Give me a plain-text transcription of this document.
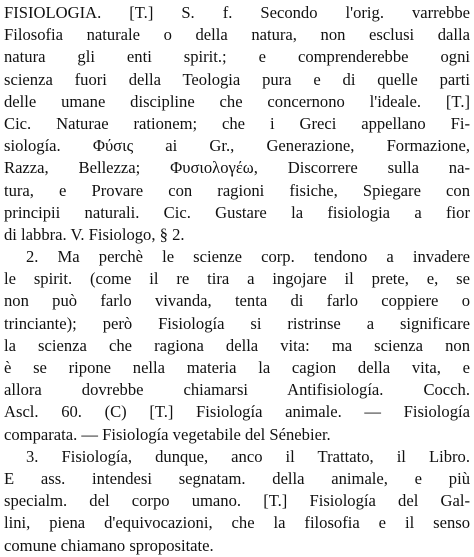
FISIOLOGIA. [T.] S. f. Secondo l'orig. varrebbe
Filosofia naturale o della natura, non esclusi dalla
natura gli enti spirit.; e comprenderebbe ogni
scienza fuori della Teologia pura e di quelle parti
delle umane discipline che concernono l'ideale. [T.]
Cic. Naturae rationem; che i Greci appellano Fi-
siología. Φύσις ai Gr., Generazione, Formazione,
Razza, Bellezza; Φυσιολογέω, Discorrere sulla na-
tura, e Provare con ragioni fisiche, Spiegare con
principii naturali. Cic. Gustare la fisiologia a fior
di labbra. V. Fisiologo, § 2.
2. Ma perchè le scienze corp. tendono a invadere
le spirit. (come il re tira a ingojare il prete, e, se
non può farlo vivanda, tenta di farlo coppiere o
trinciante); però Fisiología si ristrinse a significare
la scienza che ragiona della vita: ma scienza non
è se ripone nella materia la cagion della vita, e
allora dovrebbe chiamarsi Antifisiología. Cocch.
Ascl. 60. (C) [T.] Fisiología animale. — Fisiología
comparata. — Fisiología vegetabile del Sénebier.
3. Fisiología, dunque, anco il Trattato, il Libro.
E ass. intendesi segnatam. della animale, e più
specialm. del corpo umano. [T.] Fisiología del Gal-
lini, piena d'equivocazioni, che la filosofia e il senso
comune chiamano spropositate.
